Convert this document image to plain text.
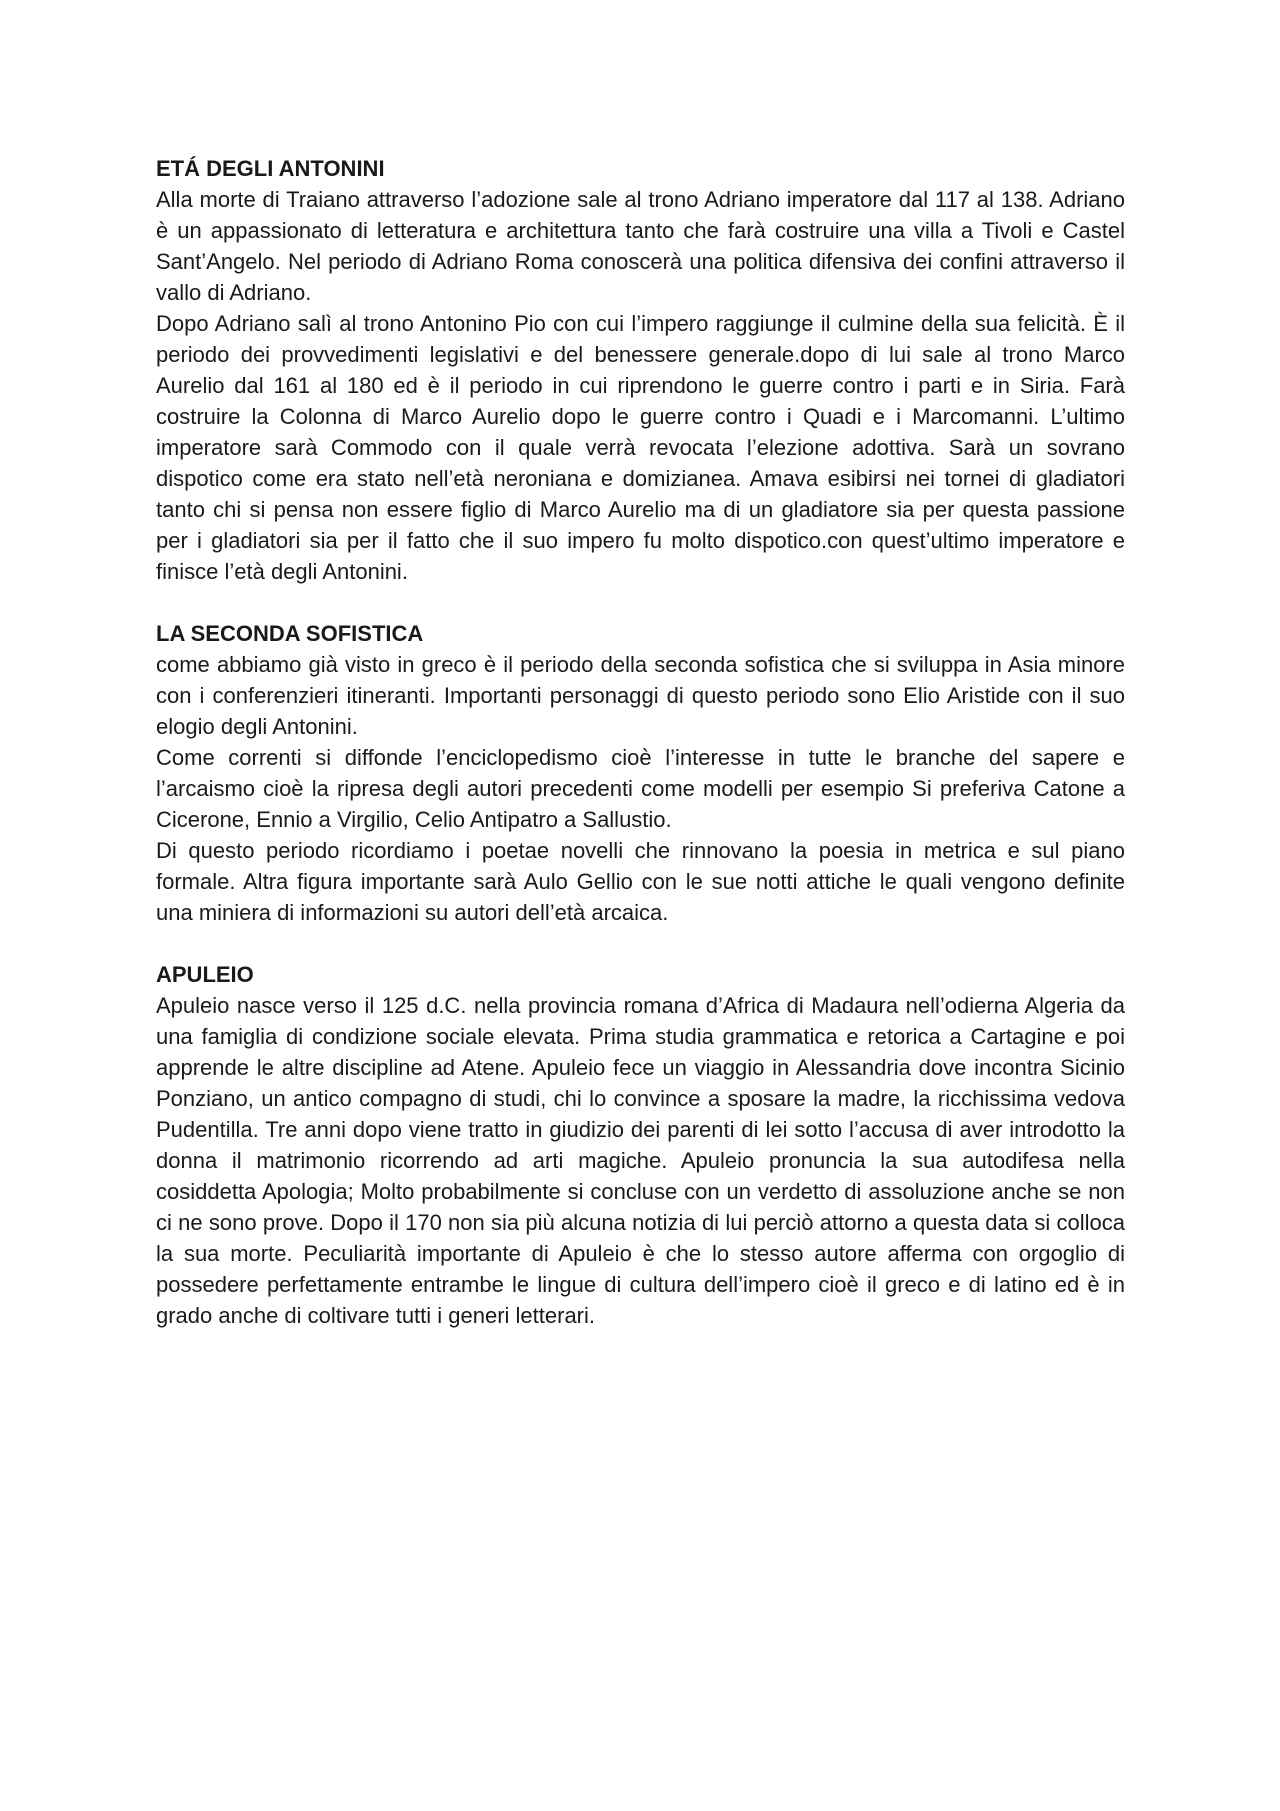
ETÁ DEGLI ANTONINI

Alla morte di Traiano attraverso l’adozione sale al trono Adriano imperatore dal 117 al 138. Adriano è un appassionato di letteratura e architettura tanto che farà costruire una villa a Tivoli e Castel Sant’Angelo. Nel periodo di Adriano Roma conoscerà una politica difensiva dei confini attraverso il vallo di Adriano.

Dopo Adriano salì al trono Antonino Pio con cui l’impero raggiunge il culmine della sua felicità. È il periodo dei provvedimenti legislativi e del benessere generale.dopo di lui sale al trono Marco Aurelio dal 161 al 180 ed è il periodo in cui riprendono le guerre contro i parti e in Siria. Farà costruire la Colonna di Marco Aurelio dopo le guerre contro i Quadi e i Marcomanni. L’ultimo imperatore sarà Commodo con il quale verrà revocata l’elezione adottiva. Sarà un sovrano dispotico come era stato nell’età neroniana e domizianea. Amava esibirsi nei tornei di gladiatori tanto chi si pensa non essere figlio di Marco Aurelio ma di un gladiatore sia per questa passione per i gladiatori sia per il fatto che il suo impero fu molto dispotico.con quest’ultimo imperatore e finisce l’età degli Antonini.

LA SECONDA SOFISTICA

come abbiamo già visto in greco è il periodo della seconda sofistica che si sviluppa in Asia minore con i conferenzieri itineranti. Importanti personaggi di questo periodo sono Elio Aristide con il suo elogio degli Antonini.

Come correnti si diffonde l’enciclopedismo cioè l’interesse in tutte le branche del sapere e l’arcaismo cioè la ripresa degli autori precedenti come modelli per esempio Si preferiva Catone a Cicerone, Ennio a Virgilio, Celio Antipatro a Sallustio.

Di questo periodo ricordiamo i poetae novelli che rinnovano la poesia in metrica e sul piano formale. Altra figura importante sarà Aulo Gellio con le sue notti attiche le quali vengono definite una miniera di informazioni su autori dell’età arcaica.

APULEIO

Apuleio nasce verso il 125 d.C. nella provincia romana d’Africa di Madaura nell’odierna Algeria da una famiglia di condizione sociale elevata. Prima studia grammatica e retorica a Cartagine e poi apprende le altre discipline ad Atene. Apuleio fece un viaggio in Alessandria dove incontra Sicinio Ponziano, un antico compagno di studi, chi lo convince a sposare la madre, la ricchissima vedova Pudentilla. Tre anni dopo viene tratto in giudizio dei parenti di lei sotto l’accusa di aver introdotto la donna il matrimonio ricorrendo ad arti magiche. Apuleio pronuncia la sua autodifesa nella cosiddetta Apologia; Molto probabilmente si concluse con un verdetto di assoluzione anche se non ci ne sono prove. Dopo il 170 non sia più alcuna notizia di lui perciò attorno a questa data si colloca la sua morte. Peculiarità importante di Apuleio è che lo stesso autore afferma con orgoglio di possedere perfettamente entrambe le lingue di cultura dell’impero cioè il greco e di latino ed è in grado anche di coltivare tutti i generi letterari.
